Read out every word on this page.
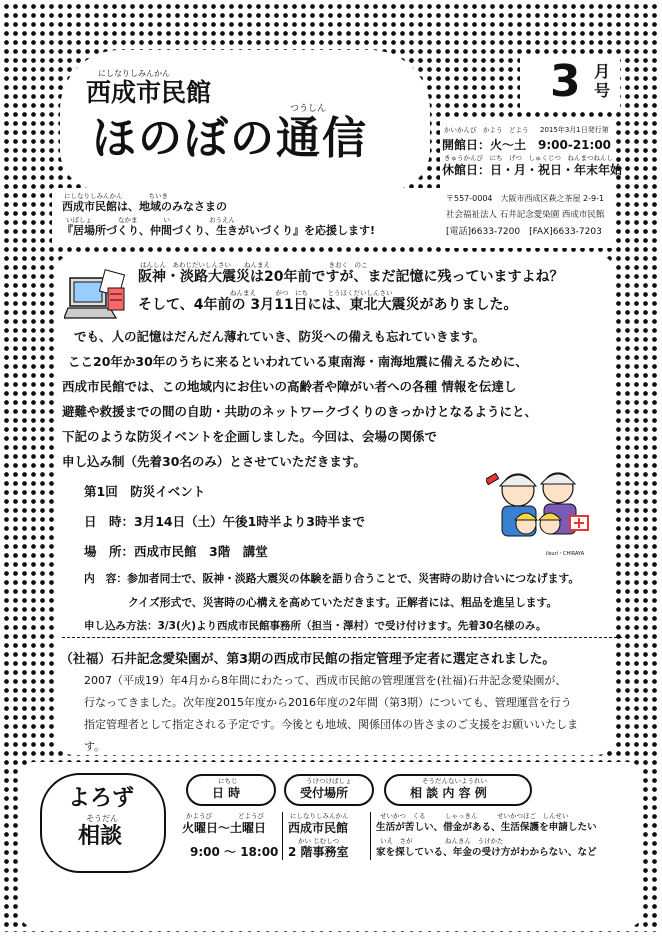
にしなりしみんかん
西成市民館
つうしん
ほのぼの通信
3 月
号
かいかんび　かよう　どよう 2015年3月1日発行第
開館日：火～土　9:00-21:00
きゅうかんび　にち　げつ　しゅくじつ　ねんまつねんし
休館日：日・月・祝日・年末年始
〒557-0004　大阪市西成区萩之茶屋 2-9-1
社会福祉法人 石井記念愛染園 西成市民館
[電話]6633-7200　[FAX]6633-7203
にしなりしみんかん　　　　ちいき
西成市民館は、地域のみなさまの
いばしょ　　　　なかま　　　　い　　　　　　おうえん
『居場所づくり、仲間づくり、生きがいづくり』を応援します!
はんしん　あわじだいしんさい　　ねんまえ　　　　　　　　　きおく　のこ
阪神・淡路大震災は20年前ですが、まだ記憶に残っていますよね？
ねんまえ　　　がつ　にち　　　とうほくだいしんさい
そして、4年前の 3月11日には、東北大震災がありました。
でも、人の記憶はだんだん薄れていき、防災への備えも忘れていきます。
ここ20年か30年のうちに来るといわれている東南海・南海地震に備えるために、
西成市民館では、この地域内にお住いの高齢者や障がい者への各種 情報を伝達し
避難や救援までの間の自助・共助のネットワークづくりのきっかけとなるようにと、
下記のような防災イベントを企画しました。今回は、会場の関係で
申し込み制（先着30名のみ）とさせていただきます。
第1回　防災イベント
日　時：3月14日（土）午後1時半より3時半まで
場　所：西成市民館　3階　講堂
内　容：参加者同士で、阪神・淡路大震災の体験を語り合うことで、災害時の助け合いにつなげます。
クイズ形式で、災害時の心構えを高めていただきます。正解者には、粗品を進呈します。
申し込み方法：3/3(火)より西成市民館事務所（担当・澤村）で受け付けます。先着30名様のみ。
ilsuri・CHIRAYA
（社福）石井記念愛染園が、第3期の西成市民館の指定管理予定者に選定されました。
2007（平成19）年4月から8年間にわたって、西成市民館の管理運営を(社福)石井記念愛染園が、
行なってきました。次年度2015年度から2016年度の2年間（第3期）についても、管理運営を行う
指定管理者として指定される予定です。今後とも地域、関係団体の皆さまのご支援をお願いいたしま
す。
よろず
そうだん
相談
にちじ
日 時
うけつけばしょ
受付場所
そうだんないようれい
相 談 内 容 例
かようび　　　　どようび
火曜日～土曜日
9:00 ～ 18:00
にしなりしみんかん
西成市民館
かい じむしつ
2 階事務室
せいかつ　くる　　　しゃっきん　　　せいかつほご　しんせい
生活が苦しい、借金がある、生活保護を申請したい
いえ　さが　　　　　ねんきん　うけかた
家を探している、年金の受け方がわからない、など
